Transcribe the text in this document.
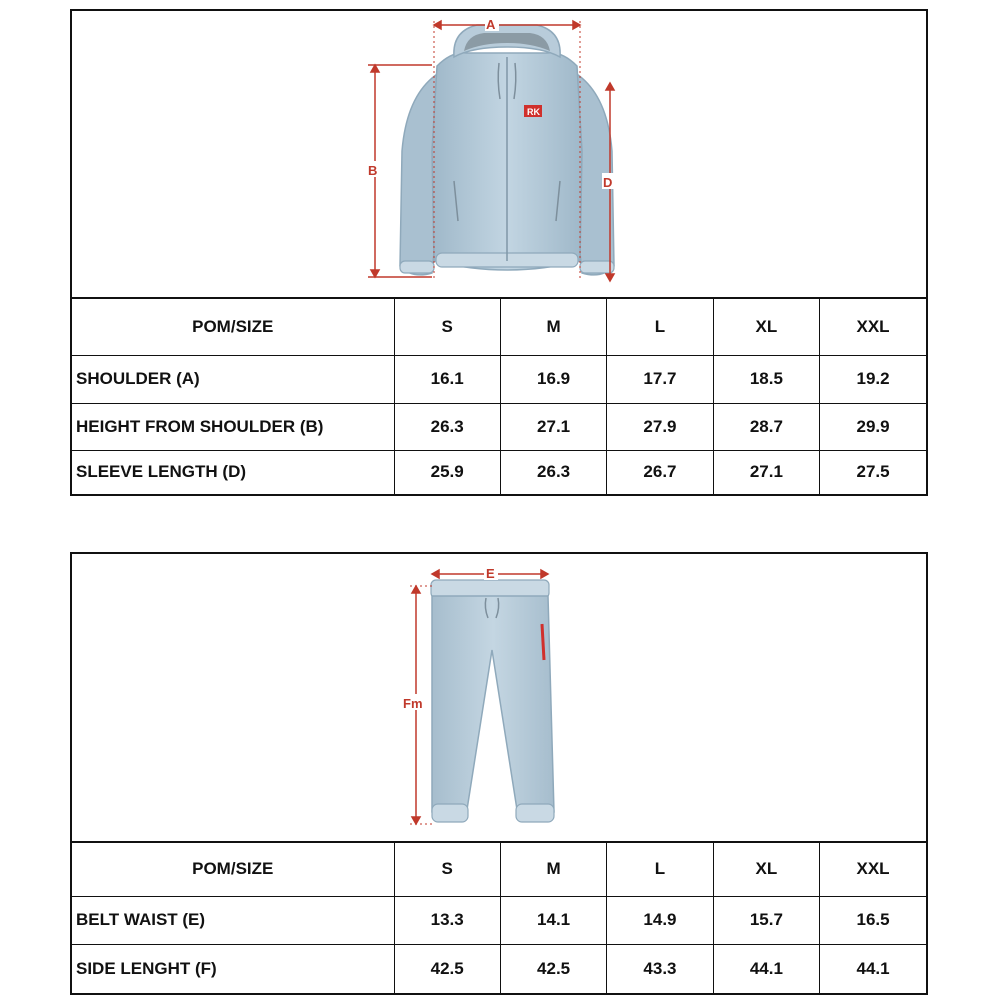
RK
A
B
D
POM/SIZE	S	M	L	XL	XXL
SHOULDER (A)	16.1	16.9	17.7	18.5	19.2
HEIGHT FROM SHOULDER (B)	26.3	27.1	27.9	28.7	29.9
SLEEVE LENGTH (D)	25.9	26.3	26.7	27.1	27.5
E
Fm
POM/SIZE	S	M	L	XL	XXL
BELT WAIST (E)	13.3	14.1	14.9	15.7	16.5
SIDE LENGHT (F)	42.5	42.5	43.3	44.1	44.1
